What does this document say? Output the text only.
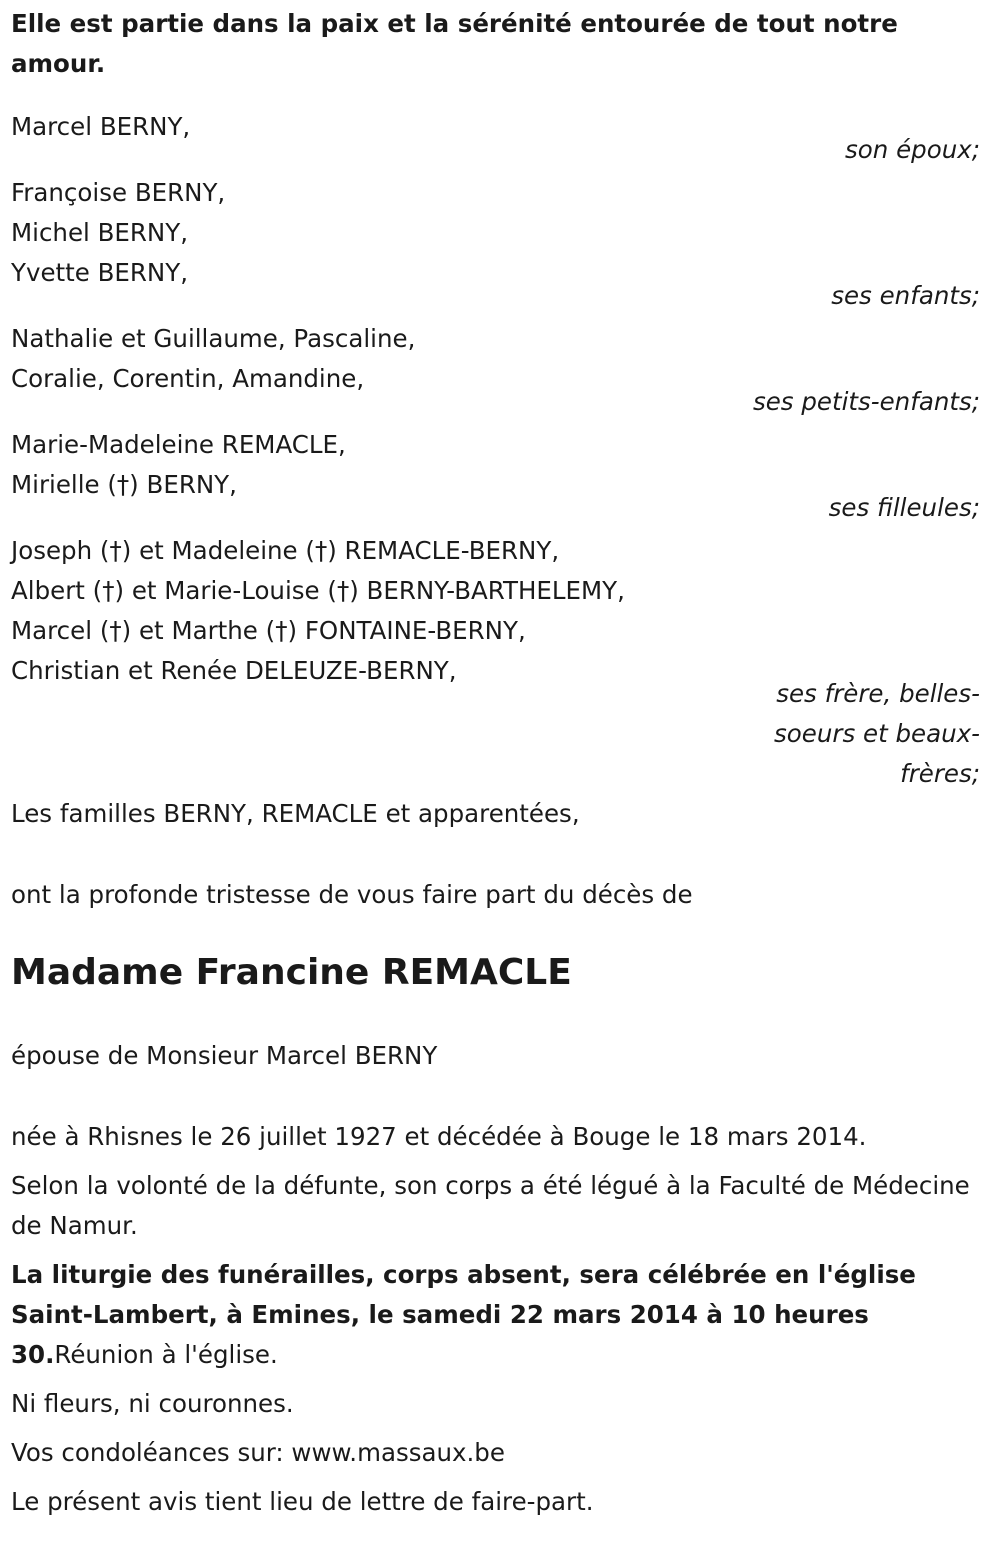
Elle est partie dans la paix et la sérénité entourée de tout notre amour.

Marcel BERNY,
son époux;
Françoise BERNY,
Michel BERNY,
Yvette BERNY,
ses enfants;
Nathalie et Guillaume, Pascaline,
Coralie, Corentin, Amandine,
ses petits-enfants;
Marie-Madeleine REMACLE,
Mirielle (†) BERNY,
ses filleules;
Joseph (†) et Madeleine (†) REMACLE-BERNY,
Albert (†) et Marie-Louise (†) BERNY-BARTHELEMY,
Marcel (†) et Marthe (†) FONTAINE-BERNY,
Christian et Renée DELEUZE-BERNY,
ses frère, belles-soeurs et beaux-frères;

Les familles BERNY, REMACLE et apparentées,

ont la profonde tristesse de vous faire part du décès de

Madame Francine REMACLE

épouse de Monsieur Marcel BERNY

née à Rhisnes le 26 juillet 1927 et décédée à Bouge le 18 mars 2014.

Selon la volonté de la défunte, son corps a été légué à la Faculté de Médecine de Namur.

La liturgie des funérailles, corps absent, sera célébrée en l'église Saint-Lambert, à Emines, le samedi 22 mars 2014 à 10 heures 30.Réunion à l'église.

Ni fleurs, ni couronnes.

Vos condoléances sur: www.massaux.be

Le présent avis tient lieu de lettre de faire-part.
